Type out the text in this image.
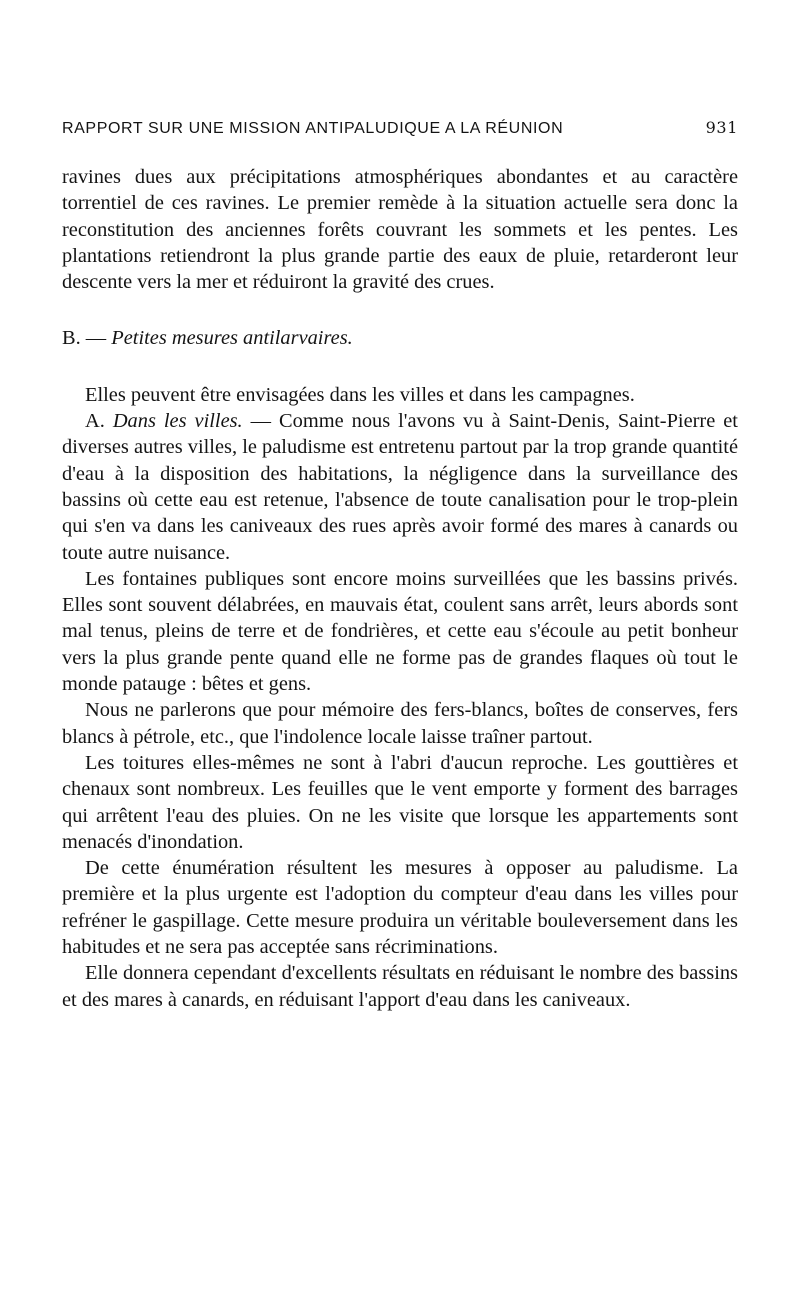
RAPPORT SUR UNE MISSION ANTIPALUDIQUE A LA RÉUNION	931

ravines dues aux précipitations atmosphériques abondantes et au caractère torrentiel de ces ravines. Le premier remède à la situation actuelle sera donc la reconstitution des anciennes forêts couvrant les sommets et les pentes. Les plantations retiendront la plus grande partie des eaux de pluie, retarderont leur descente vers la mer et réduiront la gravité des crues.

B. — Petites mesures antilarvaires.

Elles peuvent être envisagées dans les villes et dans les campagnes.

A. Dans les villes. — Comme nous l'avons vu à Saint-Denis, Saint-Pierre et diverses autres villes, le paludisme est entretenu partout par la trop grande quantité d'eau à la disposition des habitations, la négligence dans la surveillance des bassins où cette eau est retenue, l'absence de toute canalisation pour le trop-plein qui s'en va dans les caniveaux des rues après avoir formé des mares à canards ou toute autre nuisance.

Les fontaines publiques sont encore moins surveillées que les bassins privés. Elles sont souvent délabrées, en mauvais état, coulent sans arrêt, leurs abords sont mal tenus, pleins de terre et de fondrières, et cette eau s'écoule au petit bonheur vers la plus grande pente quand elle ne forme pas de grandes flaques où tout le monde patauge : bêtes et gens.

Nous ne parlerons que pour mémoire des fers-blancs, boîtes de conserves, fers blancs à pétrole, etc., que l'indolence locale laisse traîner partout.

Les toitures elles-mêmes ne sont à l'abri d'aucun reproche. Les gouttières et chenaux sont nombreux. Les feuilles que le vent emporte y forment des barrages qui arrêtent l'eau des pluies. On ne les visite que lorsque les appartements sont menacés d'inondation.

De cette énumération résultent les mesures à opposer au paludisme. La première et la plus urgente est l'adoption du compteur d'eau dans les villes pour refréner le gaspillage. Cette mesure produira un véritable bouleversement dans les habitudes et ne sera pas acceptée sans récriminations.

Elle donnera cependant d'excellents résultats en réduisant le nombre des bassins et des mares à canards, en réduisant l'apport d'eau dans les caniveaux.
